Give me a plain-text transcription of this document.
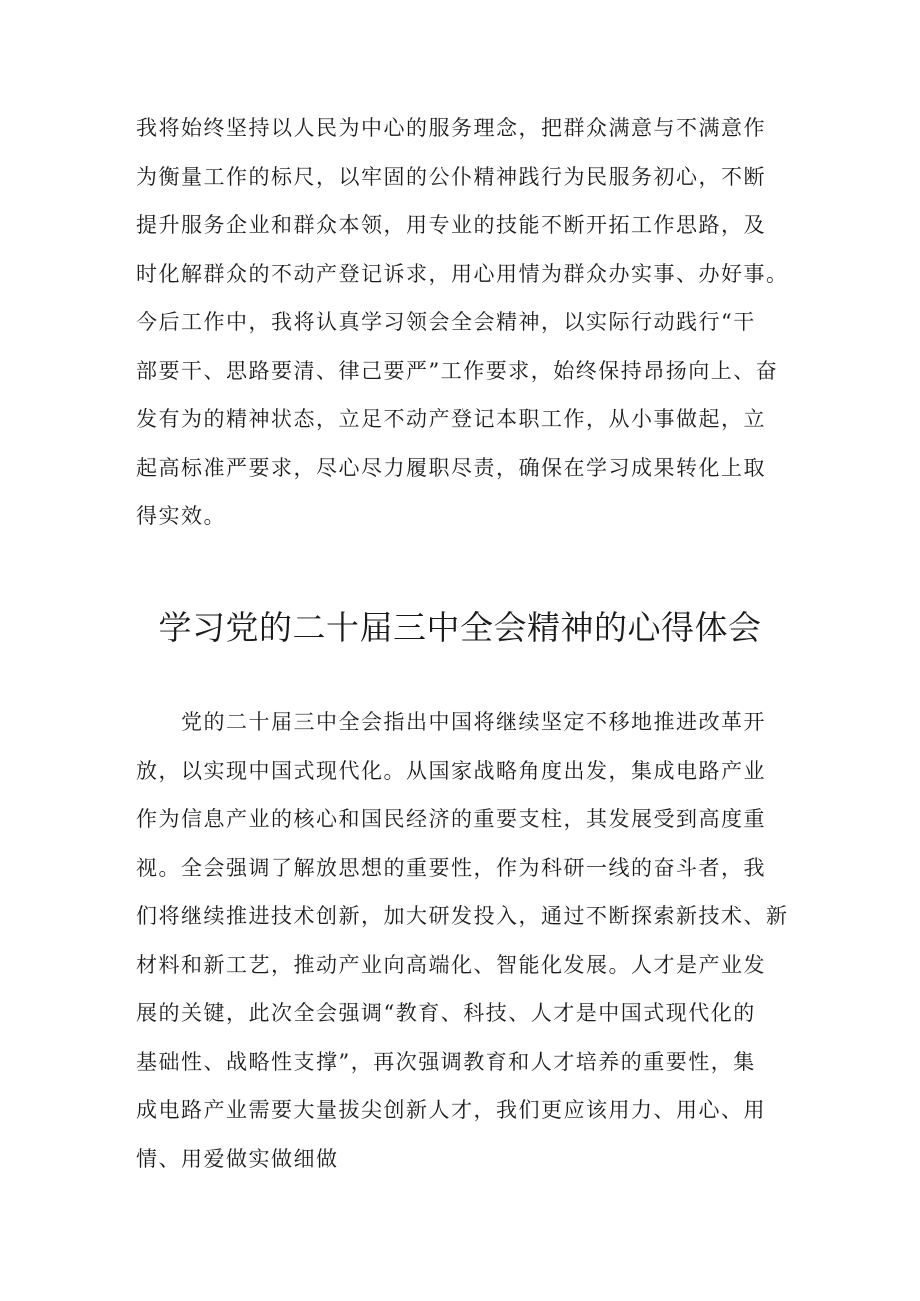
我将始终坚持以人民为中心的服务理念，把群众满意与不满意作
为衡量工作的标尺，以牢固的公仆精神践行为民服务初心，不断
提升服务企业和群众本领，用专业的技能不断开拓工作思路，及
时化解群众的不动产登记诉求，用心用情为群众办实事、办好事。
今后工作中，我将认真学习领会全会精神，以实际行动践行“干
部要干、思路要清、律己要严”工作要求，始终保持昂扬向上、奋
发有为的精神状态，立足不动产登记本职工作，从小事做起，立
起高标准严要求，尽心尽力履职尽责，确保在学习成果转化上取
得实效。
学习党的二十届三中全会精神的心得体会
　　党的二十届三中全会指出中国将继续坚定不移地推进改革开
放，以实现中国式现代化。从国家战略角度出发，集成电路产业
作为信息产业的核心和国民经济的重要支柱，其发展受到高度重
视。全会强调了解放思想的重要性，作为科研一线的奋斗者，我
们将继续推进技术创新，加大研发投入，通过不断探索新技术、新
材料和新工艺，推动产业向高端化、智能化发展。人才是产业发
展的关键，此次全会强调“教育、科技、人才是中国式现代化的
基础性、战略性支撑”，再次强调教育和人才培养的重要性，集
成电路产业需要大量拔尖创新人才，我们更应该用力、用心、用
情、用爱做实做细做
